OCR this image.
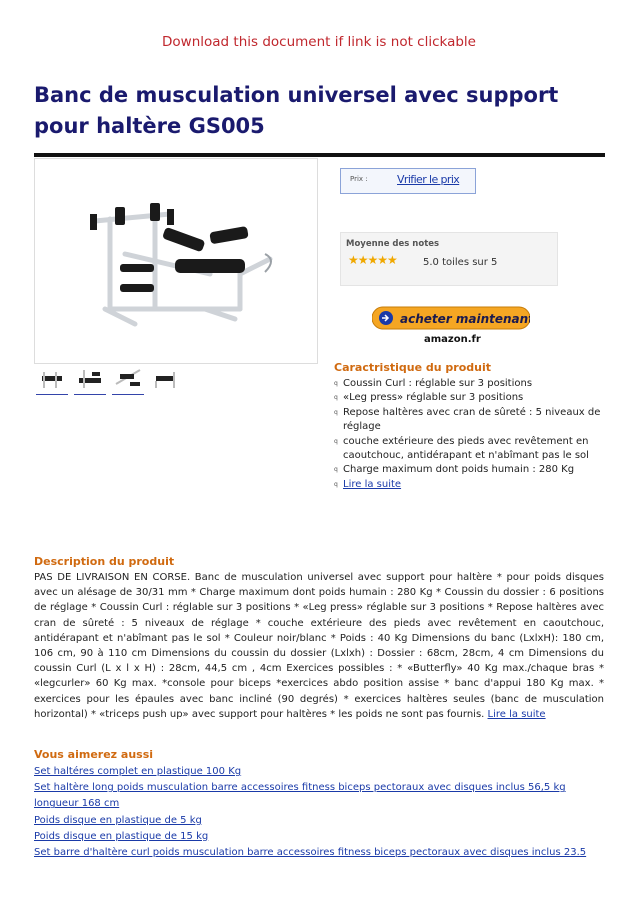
Download this document if link is not clickable
Banc de musculation universel avec support pour haltère GS005
Prix :	Vrifier le prix
Moyenne des notes
★★★★★	5.0 toiles sur 5
acheter maintenant
amazon.fr
Caractristique du produit
q Coussin Curl : réglable sur 3 positions
q «Leg press» réglable sur 3 positions
q Repose haltères avec cran de sûreté : 5 niveaux de réglage
q couche extérieure des pieds avec revêtement en caoutchouc, antidérapant et n'abîmant pas le sol
q Charge maximum dont poids humain : 280 Kg
q Lire la suite
Description du produit

PAS DE LIVRAISON EN CORSE. Banc de musculation universel avec support pour haltère * pour poids disques avec un alésage de 30/31 mm * Charge maximum dont poids humain : 280 Kg * Coussin du dossier : 6 positions de réglage * Coussin Curl : réglable sur 3 positions * «Leg press» réglable sur 3 positions * Repose haltères avec cran de sûreté : 5 niveaux de réglage * couche extérieure des pieds avec revêtement en caoutchouc, antidérapant et n'abîmant pas le sol * Couleur noir/blanc * Poids : 40 Kg Dimensions du banc (LxlxH): 180 cm, 106 cm, 90 à 110 cm Dimensions du coussin du dossier (Lxlxh) : Dossier : 68cm, 28cm, 4 cm Dimensions du coussin Curl (L x l x H) : 28cm, 44,5 cm , 4cm Exercices possibles : * «Butterfly» 40 Kg max./chaque bras * «legcurler» 60 Kg max. *console pour biceps *exercices abdo position assise * banc d'appui 180 Kg max. * exercices pour les épaules avec banc incliné (90 degrés) * exercices haltères seules (banc de musculation horizontal) * «triceps push up» avec support pour haltères * les poids ne sont pas fournis. Lire la suite

Vous aimerez aussi
Set haltéres complet en plastique 100 Kg
Set haltère long poids musculation barre accessoires fitness biceps pectoraux avec disques inclus 56,5 kg longueur 168 cm
Poids disque en plastique de 5 kg
Poids disque en plastique de 15 kg
Set barre d'haltère curl poids musculation barre accessoires fitness biceps pectoraux avec disques inclus 23.5
